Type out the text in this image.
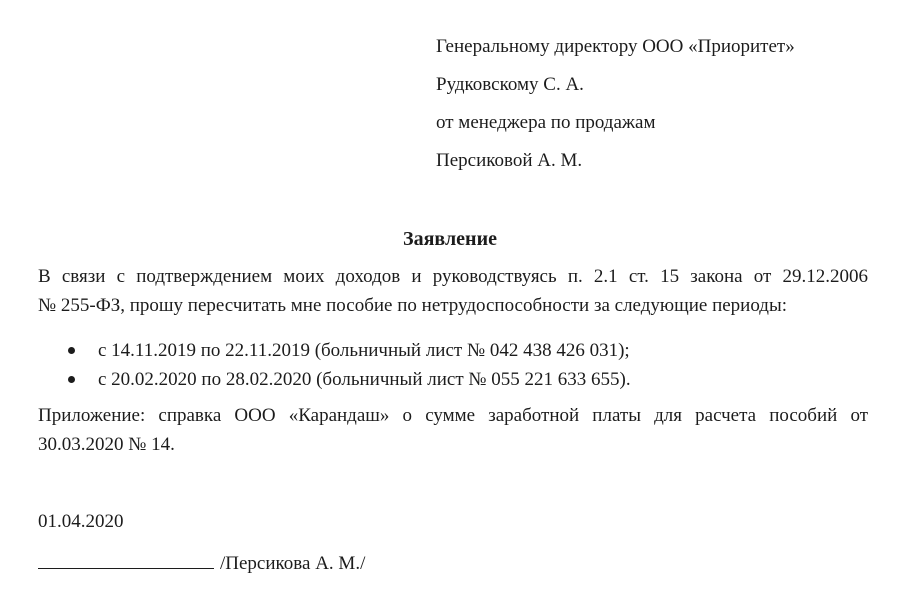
Генеральному директору ООО «Приоритет»
Рудковскому С. А.
от менеджера по продажам
Персиковой А. М.
Заявление
В связи с подтверждением моих доходов и руководствуясь п. 2.1 ст. 15 закона от 29.12.2006
№ 255-ФЗ, прошу пересчитать мне пособие по нетрудоспособности за следующие периоды:
с 14.11.2019 по 22.11.2019 (больничный лист № 042 438 426 031);
с 20.02.2020 по 28.02.2020 (больничный лист № 055 221 633 655).
Приложение: справка ООО «Карандаш» о сумме заработной платы для расчета пособий от
30.03.2020 № 14.
01.04.2020
/Персикова А. М./
